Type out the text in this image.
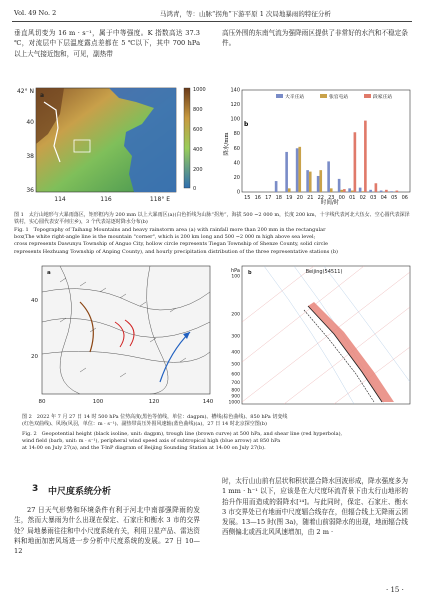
Vol. 49 No. 2	马鸿青，等：山脉“拐角”下游平原 1 次局地暴雨的特征分析
垂直风切变为 16 m · s⁻¹，属于中等强度。K 指数高达 37.3 ℃，对流层中下层温度露点差都在 5 ℃以下，其中 700 hPa 以上大气接近饱和，可见，副热带
高压外围的东南气流为强降雨区提供了非常好的水汽和不稳定条件。
42° N
40
38
36
114	116	118° E
a
1000
800
600
400
200
0
140
120
100
80
60
40
20
0
15 16 17 18 19 20 21 22 23 00 01 02 03 04 05 06
b
降水/mm
时间/时
大辛庄站	张官屯站	段家庄站
图 1　太行山地形与大暴雨落区，矩形框内为 200 mm 以上大暴雨区(a)(白色折线为山脉“拐角”，海拔 500 ~2 000 m，长度 200 km，十字线代表河北大伍女、空心圆代表深泽铁村，实心圆代表安平何庄乡)，3 个代表站逐时降水分布(b)
Fig. 1　Topography of Taihang Mountains and heavy rainstorm area (a) with rainfall more than 200 mm in the rectangular
box(The white right-angle line is the mountain "corner", which is 200 km long and 500 ~2 000 m high above sea level;
cross represents Dawunyu Township of Anguo City, hollow circle represents Tiegan Township of Shenze County, solid circle
represents Hezhuang Township of Anping County), and hourly precipitation distribution of the three representative stations (b)
a
40
20
80	100	120	140
b	Beijing(54511)
hPa
100
200
300
400
500
600
700
800
900
1000
图 2　2022 年 7 月 27 日 14 时 500 hPa 位势高度(黑色等值线，单位：dagpm)、槽线(棕色曲线)、850 hPa 切变线
(红色双曲线)、风场(风羽，单位：m · s⁻¹)、副热带高压外围风速轴(蓝色曲线)(a)，27 日 14 时北京探空图(b)
Fig. 2　Geopotential height (black isoline, unit: dagpm), trough line (brown curve) at 500 hPa, and shear line (red hyperbola),
wind field (barb, unit: m · s⁻¹), peripheral wind speed axis of subtropical high (blue arrow) at 850 hPa
at 14:00 on July 27(a), and the T-lnP diagram of Beijing Sounding Station at 14:00 on July 27(b).
3 中尺度系统分析
27 日天气形势和环境条件有利于河北中南部强降雨的发生，然而大暴雨为什么出现在保定、石家庄和衡水 3 市的交界处？局地暴雨往往和中小尺度系统有关，利用卫星产品、雷达资料和地面加密风场进一步分析中尺度系统的发展。27 日 10—12
时，太行山山前有层状和积状混合降水回波形成，降水强度多为 1 mm · h⁻¹ 以下，应该是在大尺度环流背景下由太行山地形的抬升作用而造成的弱降水[¹⁴]。与此同时，保定、石家庄、衡水 3 市交界处已有地面中尺度辐合线存在，但辐合线上无降雨云团发展。13—15 时(图 3a)，随着山前弱降水的出现，地面辐合线西侧偏北或西北风风速增加，由 2 m ·
· 15 ·
